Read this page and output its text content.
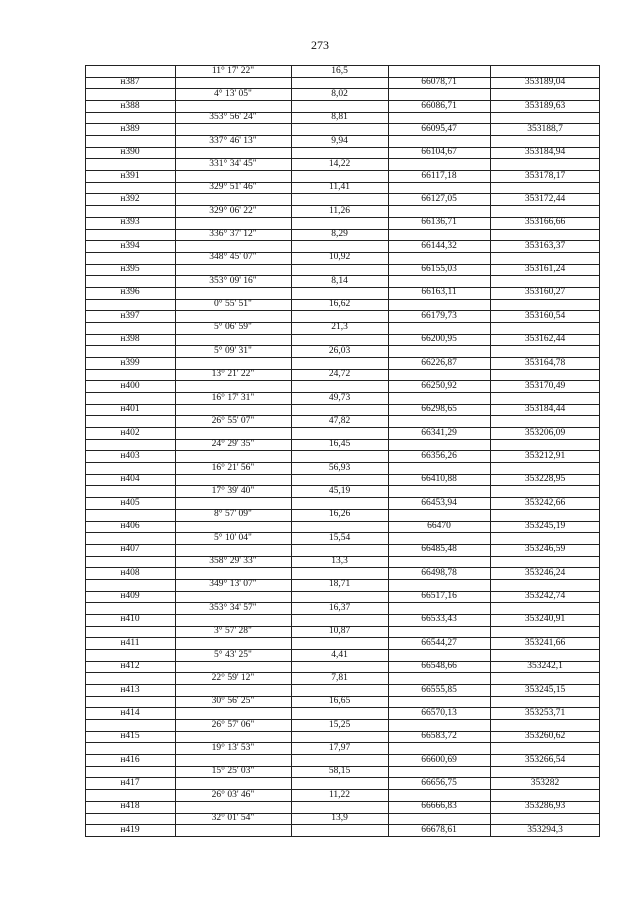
273
11° 17' 22"	16,5
н387	66078,71	353189,04
4° 13' 05"	8,02
н388	66086,71	353189,63
353° 56' 24"	8,81
н389	66095,47	353188,7
337° 46' 13"	9,94
н390	66104,67	353184,94
331° 34' 45"	14,22
н391	66117,18	353178,17
329° 51' 46"	11,41
н392	66127,05	353172,44
329° 06' 22"	11,26
н393	66136,71	353166,66
336° 37' 12"	8,29
н394	66144,32	353163,37
348° 45' 07"	10,92
н395	66155,03	353161,24
353° 09' 16"	8,14
н396	66163,11	353160,27
0° 55' 51"	16,62
н397	66179,73	353160,54
5° 06' 59"	21,3
н398	66200,95	353162,44
5° 09' 31"	26,03
н399	66226,87	353164,78
13° 21' 22"	24,72
н400	66250,92	353170,49
16° 17' 31"	49,73
н401	66298,65	353184,44
26° 55' 07"	47,82
н402	66341,29	353206,09
24° 29' 35"	16,45
н403	66356,26	353212,91
16° 21' 56"	56,93
н404	66410,88	353228,95
17° 39' 40"	45,19
н405	66453,94	353242,66
8° 57' 09"	16,26
н406	66470	353245,19
5° 10' 04"	15,54
н407	66485,48	353246,59
358° 29' 33"	13,3
н408	66498,78	353246,24
349° 13' 07"	18,71
н409	66517,16	353242,74
353° 34' 57"	16,37
н410	66533,43	353240,91
3° 57' 28"	10,87
н411	66544,27	353241,66
5° 43' 25"	4,41
н412	66548,66	353242,1
22° 59' 12"	7,81
н413	66555,85	353245,15
30° 56' 25"	16,65
н414	66570,13	353253,71
26° 57' 06"	15,25
н415	66583,72	353260,62
19° 13' 53"	17,97
н416	66600,69	353266,54
15° 25' 03"	58,15
н417	66656,75	353282
26° 03' 46"	11,22
н418	66666,83	353286,93
32° 01' 54"	13,9
н419	66678,61	353294,3
